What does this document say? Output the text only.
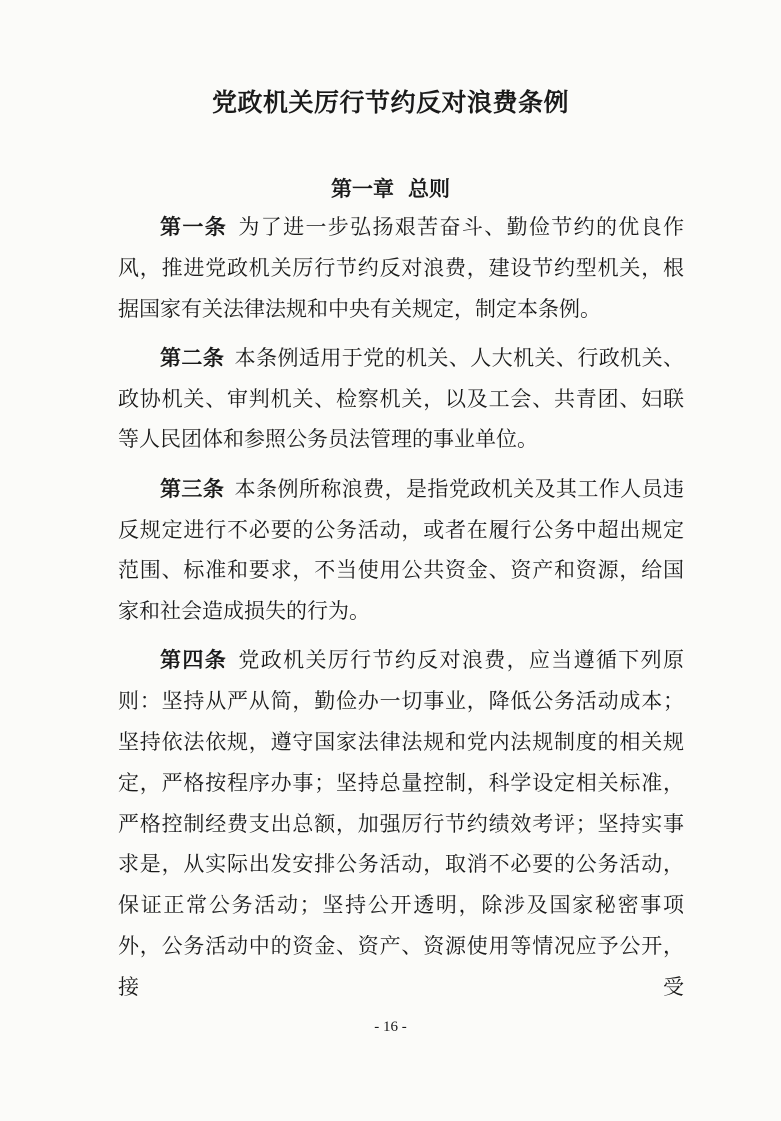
党政机关厉行节约反对浪费条例
第一章 总则

第一条 为了进一步弘扬艰苦奋斗、勤俭节约的优良作风，推进党政机关厉行节约反对浪费，建设节约型机关，根据国家有关法律法规和中央有关规定，制定本条例。

第二条 本条例适用于党的机关、人大机关、行政机关、政协机关、审判机关、检察机关，以及工会、共青团、妇联等人民团体和参照公务员法管理的事业单位。

第三条 本条例所称浪费，是指党政机关及其工作人员违反规定进行不必要的公务活动，或者在履行公务中超出规定范围、标准和要求，不当使用公共资金、资产和资源，给国家和社会造成损失的行为。

第四条 党政机关厉行节约反对浪费，应当遵循下列原则：坚持从严从简，勤俭办一切事业，降低公务活动成本；坚持依法依规，遵守国家法律法规和党内法规制度的相关规定，严格按程序办事；坚持总量控制，科学设定相关标准，严格控制经费支出总额，加强厉行节约绩效考评；坚持实事求是，从实际出发安排公务活动，取消不必要的公务活动，保证正常公务活动；坚持公开透明，除涉及国家秘密事项外，公务活动中的资金、资产、资源使用等情况应予公开，接受

- 16 -
